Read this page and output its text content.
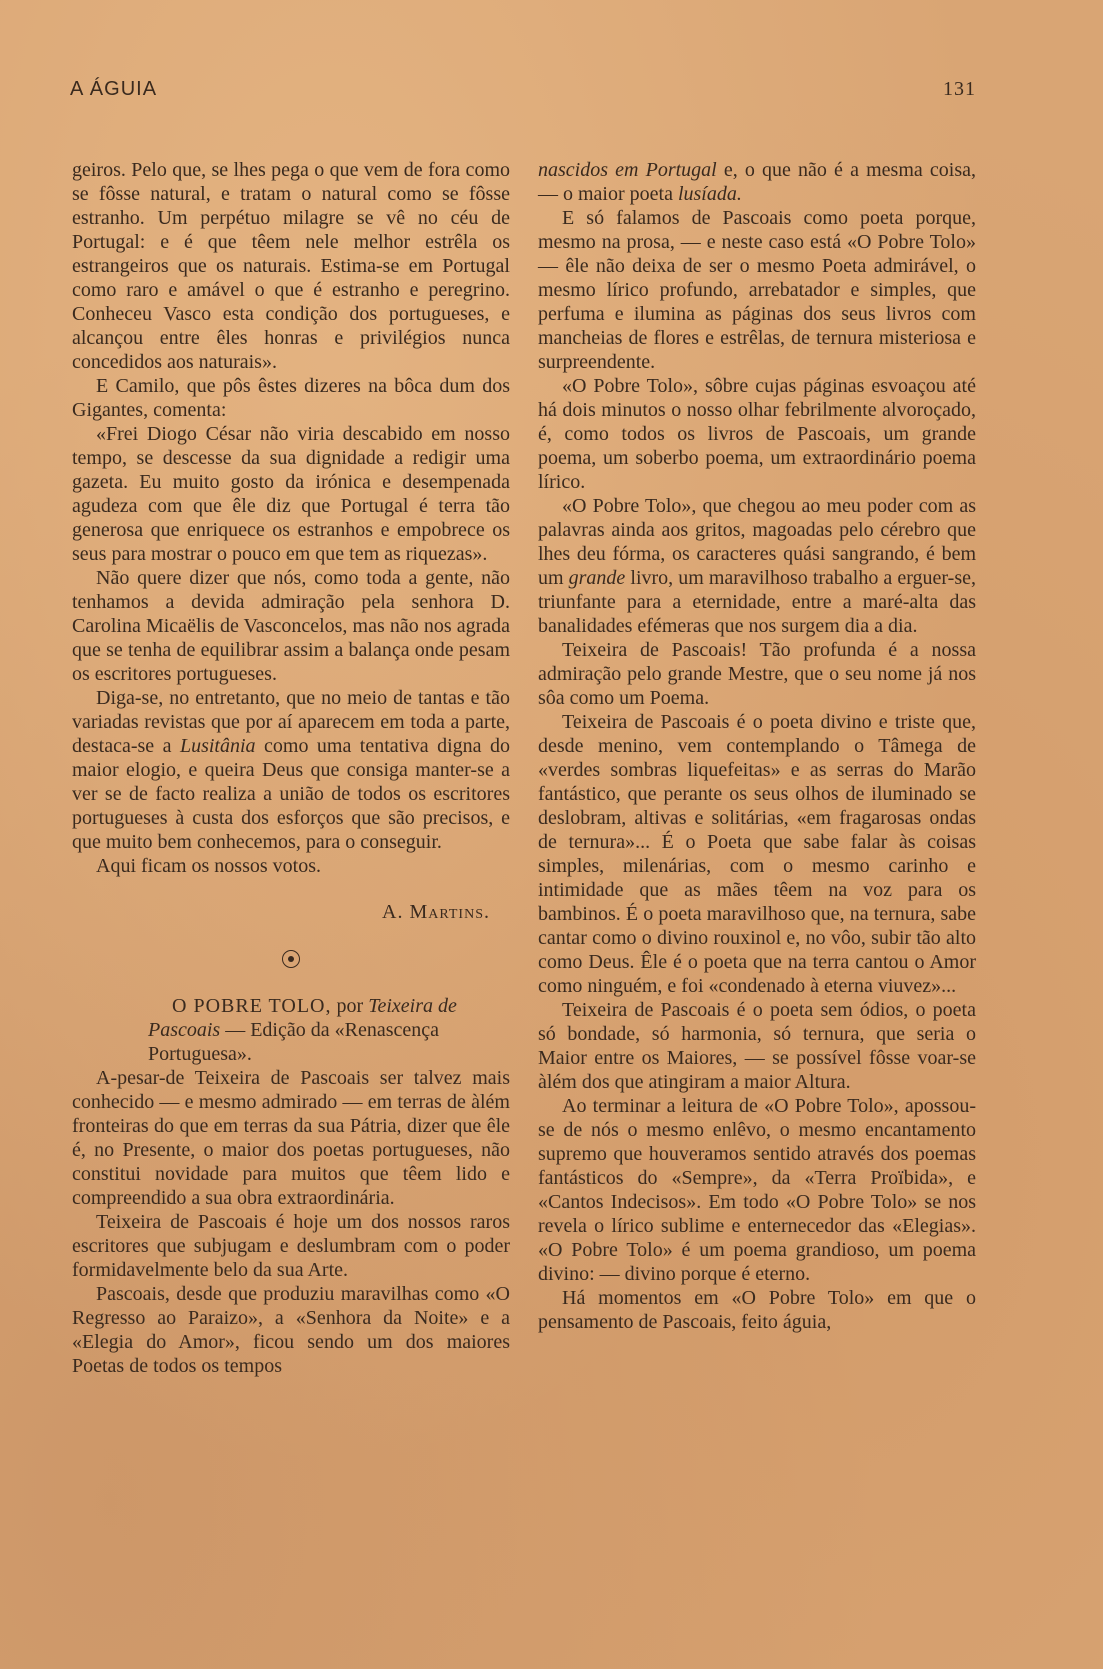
A ÁGUIA	131

geiros. Pelo que, se lhes pega o que vem de fora como se fôsse natural, e tratam o natural como se fôsse estranho. Um perpétuo milagre se vê no céu de Portugal: e é que têem nele melhor estrêla os estrangeiros que os naturais. Estima-se em Portugal como raro e amável o que é estranho e peregrino. Conheceu Vasco esta condição dos portugueses, e alcançou entre êles honras e privilégios nunca concedidos aos naturais».

E Camilo, que pôs êstes dizeres na bôca dum dos Gigantes, comenta:

«Frei Diogo César não viria descabido em nosso tempo, se descesse da sua dignidade a redigir uma gazeta. Eu muito gosto da irónica e desempenada agudeza com que êle diz que Portugal é terra tão generosa que enriquece os estranhos e empobrece os seus para mostrar o pouco em que tem as riquezas».

Não quere dizer que nós, como toda a gente, não tenhamos a devida admiração pela senhora D. Carolina Micaëlis de Vasconcelos, mas não nos agrada que se tenha de equilibrar assim a balança onde pesam os escritores portugueses.

Diga-se, no entretanto, que no meio de tantas e tão variadas revistas que por aí aparecem em toda a parte, destaca-se a Lusitânia como uma tentativa digna do maior elogio, e queira Deus que consiga manter-se a ver se de facto realiza a união de todos os escritores portugueses à custa dos esforços que são precisos, e que muito bem conhecemos, para o conseguir.

Aqui ficam os nossos votos.

A. Martins.

O POBRE TOLO, por Teixeira de Pascoais — Edição da «Renascença Portuguesa».

A-pesar-de Teixeira de Pascoais ser talvez mais conhecido — e mesmo admirado — em terras de àlém fronteiras do que em terras da sua Pátria, dizer que êle é, no Presente, o maior dos poetas portugueses, não constitui novidade para muitos que têem lido e compreendido a sua obra extraordinária.

Teixeira de Pascoais é hoje um dos nossos raros escritores que subjugam e deslumbram com o poder formidavelmente belo da sua Arte.

Pascoais, desde que produziu maravilhas como «O Regresso ao Paraizo», a «Senhora da Noite» e a «Elegia do Amor», ficou sendo um dos maiores Poetas de todos os tempos

nascidos em Portugal e, o que não é a mesma coisa, — o maior poeta lusíada.

E só falamos de Pascoais como poeta porque, mesmo na prosa, — e neste caso está «O Pobre Tolo» — êle não deixa de ser o mesmo Poeta admirável, o mesmo lírico profundo, arrebatador e simples, que perfuma e ilumina as páginas dos seus livros com mancheias de flores e estrêlas, de ternura misteriosa e surpreendente.

«O Pobre Tolo», sôbre cujas páginas esvoaçou até há dois minutos o nosso olhar febrilmente alvoroçado, é, como todos os livros de Pascoais, um grande poema, um soberbo poema, um extraordinário poema lírico.

«O Pobre Tolo», que chegou ao meu poder com as palavras ainda aos gritos, magoadas pelo cérebro que lhes deu fórma, os caracteres quási sangrando, é bem um grande livro, um maravilhoso trabalho a erguer-se, triunfante para a eternidade, entre a maré-alta das banalidades efémeras que nos surgem dia a dia.

Teixeira de Pascoais! Tão profunda é a nossa admiração pelo grande Mestre, que o seu nome já nos sôa como um Poema.

Teixeira de Pascoais é o poeta divino e triste que, desde menino, vem contemplando o Tâmega de «verdes sombras liquefeitas» e as serras do Marão fantástico, que perante os seus olhos de iluminado se deslobram, altivas e solitárias, «em fragarosas ondas de ternura»... É o Poeta que sabe falar às coisas simples, milenárias, com o mesmo carinho e intimidade que as mães têem na voz para os bambinos. É o poeta maravilhoso que, na ternura, sabe cantar como o divino rouxinol e, no vôo, subir tão alto como Deus. Êle é o poeta que na terra cantou o Amor como ninguém, e foi «condenado à eterna viuvez»...

Teixeira de Pascoais é o poeta sem ódios, o poeta só bondade, só harmonia, só ternura, que seria o Maior entre os Maiores, — se possível fôsse voar-se àlém dos que atingiram a maior Altura.

Ao terminar a leitura de «O Pobre Tolo», apossou-se de nós o mesmo enlêvo, o mesmo encantamento supremo que houveramos sentido através dos poemas fantásticos do «Sempre», da «Terra Proïbida», e «Cantos Indecisos». Em todo «O Pobre Tolo» se nos revela o lírico sublime e enternecedor das «Elegias». «O Pobre Tolo» é um poema grandioso, um poema divino: — divino porque é eterno.

Há momentos em «O Pobre Tolo» em que o pensamento de Pascoais, feito águia,
